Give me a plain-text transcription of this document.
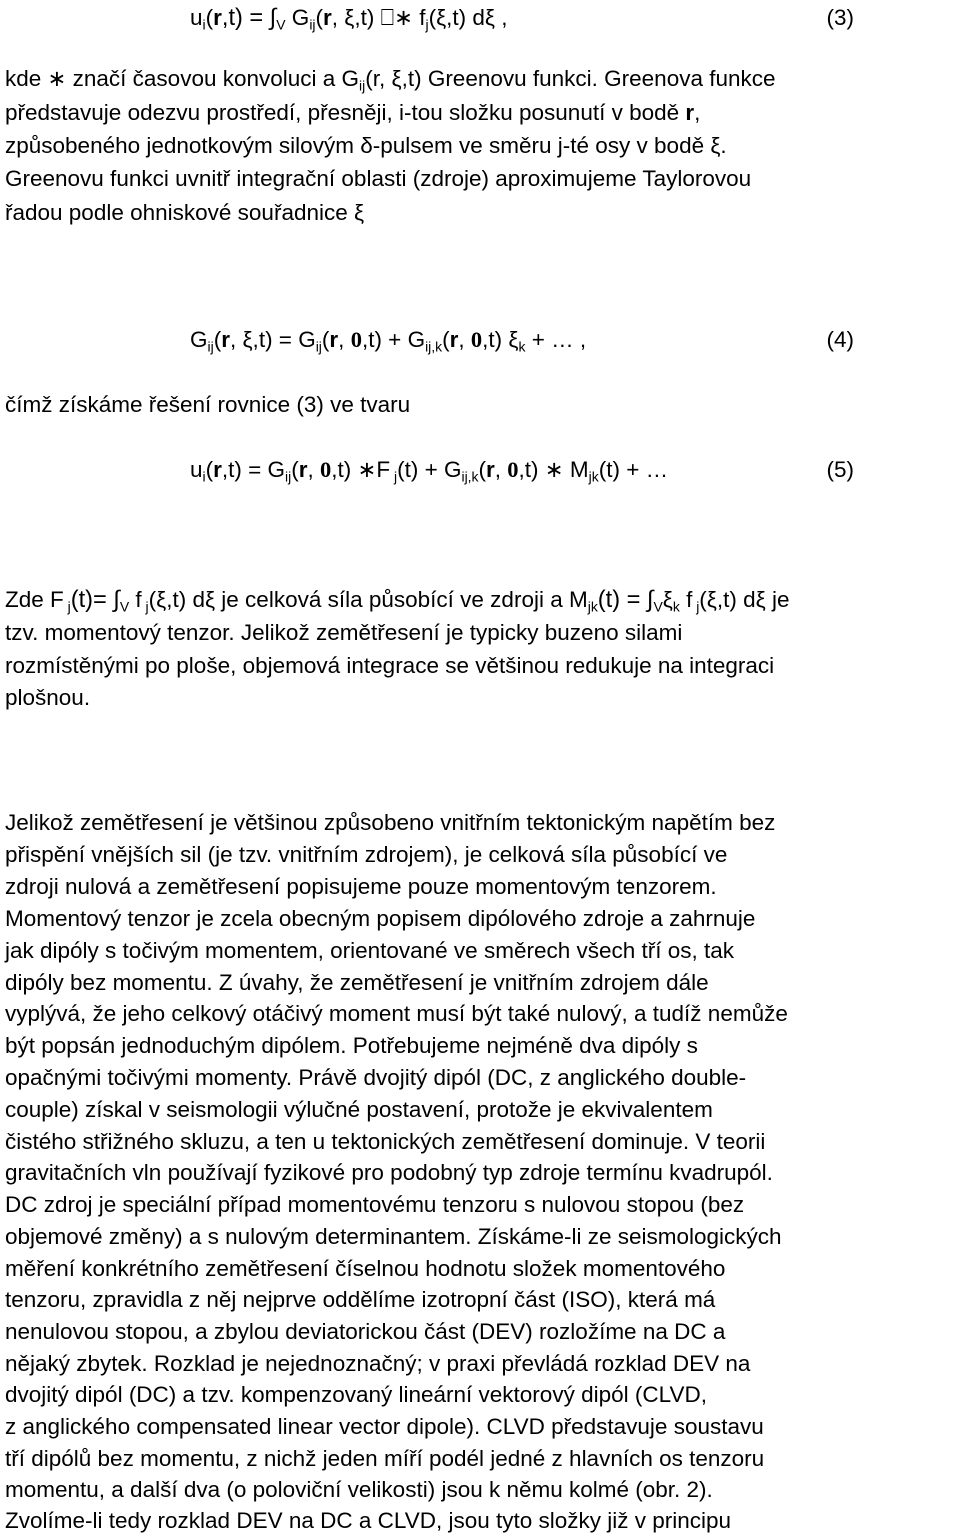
$u_i(r,t) = \int_V$ $G_{ij}(r$, ξ,t) ⎕∗ $f_j(\xi,t)$ dξ ,	(3)
kde ∗ značí časovou konvoluci a $G_{ij}(r$, ξ,t) Greenovu funkci. Greenova funkce
představuje odezvu prostředí, přesněji, i-tou složku posunutí v bodě r,
způsobeného jednotkovým silovým δ-pulsem ve směru j-té osy v bodě ξ.
Greenovu funkci uvnitř integrační oblasti (zdroje) aproximujeme Taylorovou
řadou podle ohniskové souřadnice ξ
$G_{ij}(r$, $\xi,t) = G_{ij}(r$, $0,t) + G_{ij,k}(r$, 0,t) $\xi_k$ + … ,	(4)
čímž získáme řešení rovnice (3) ve tvaru
$u_i(r,t) = G_{ij}(r$, 0,t) ∗F $_j(t) + G_{ij,k}(r$, 0,t) ∗ $M_{jk}(t)$ + …	(5)
Zde F $_j(t)= \int_V$ f $_j$(ξ,t) dξ je celková síla působící ve zdroji a $M_{jk}(t) = \int_V\xi_k$ f $_j$(ξ,t) dξ je
tzv. momentový tenzor. Jelikož zemětřesení je typicky buzeno silami
rozmístěnými po ploše, objemová integrace se většinou redukuje na integraci
plošnou.
Jelikož zemětřesení je většinou způsobeno vnitřním tektonickým napětím bez
přispění vnějších sil (je tzv. vnitřním zdrojem), je celková síla působící ve
zdroji nulová a zemětřesení popisujeme pouze momentovým tenzorem.
Momentový tenzor je zcela obecným popisem dipólového zdroje a zahrnuje
jak dipóly s točivým momentem, orientované ve směrech všech tří os, tak
dipóly bez momentu. Z úvahy, že zemětřesení je vnitřním zdrojem dále
vyplývá, že jeho celkový otáčivý moment musí být také nulový, a tudíž nemůže
být popsán jednoduchým dipólem. Potřebujeme nejméně dva dipóly s
opačnými točivými momenty. Právě dvojitý dipól (DC, z anglického double-
couple) získal v seismologii výlučné postavení, protože je ekvivalentem
čistého střižného skluzu, a ten u tektonických zemětřesení dominuje. V teorii
gravitačních vln používají fyzikové pro podobný typ zdroje termínu kvadrupól.
DC zdroj je speciální případ momentovému tenzoru s nulovou stopou (bez
objemové změny) a s nulovým determinantem. Získáme-li ze seismologických
měření konkrétního zemětřesení číselnou hodnotu složek momentového
tenzoru, zpravidla z něj nejprve oddělíme izotropní část (ISO), která má
nenulovou stopou, a zbylou deviatorickou část (DEV) rozložíme na DC a
nějaký zbytek. Rozklad je nejednoznačný; v praxi převládá rozklad DEV na
dvojitý dipól (DC) a tzv. kompenzovaný lineární vektorový dipól (CLVD,
z anglického compensated linear vector dipole). CLVD představuje soustavu
tří dipólů bez momentu, z nichž jeden míří podél jedné z hlavních os tenzoru
momentu, a další dva (o poloviční velikosti) jsou k němu kolmé (obr. 2).
Zvolíme-li tedy rozklad DEV na DC a CLVD, jsou tyto složky již v principu
